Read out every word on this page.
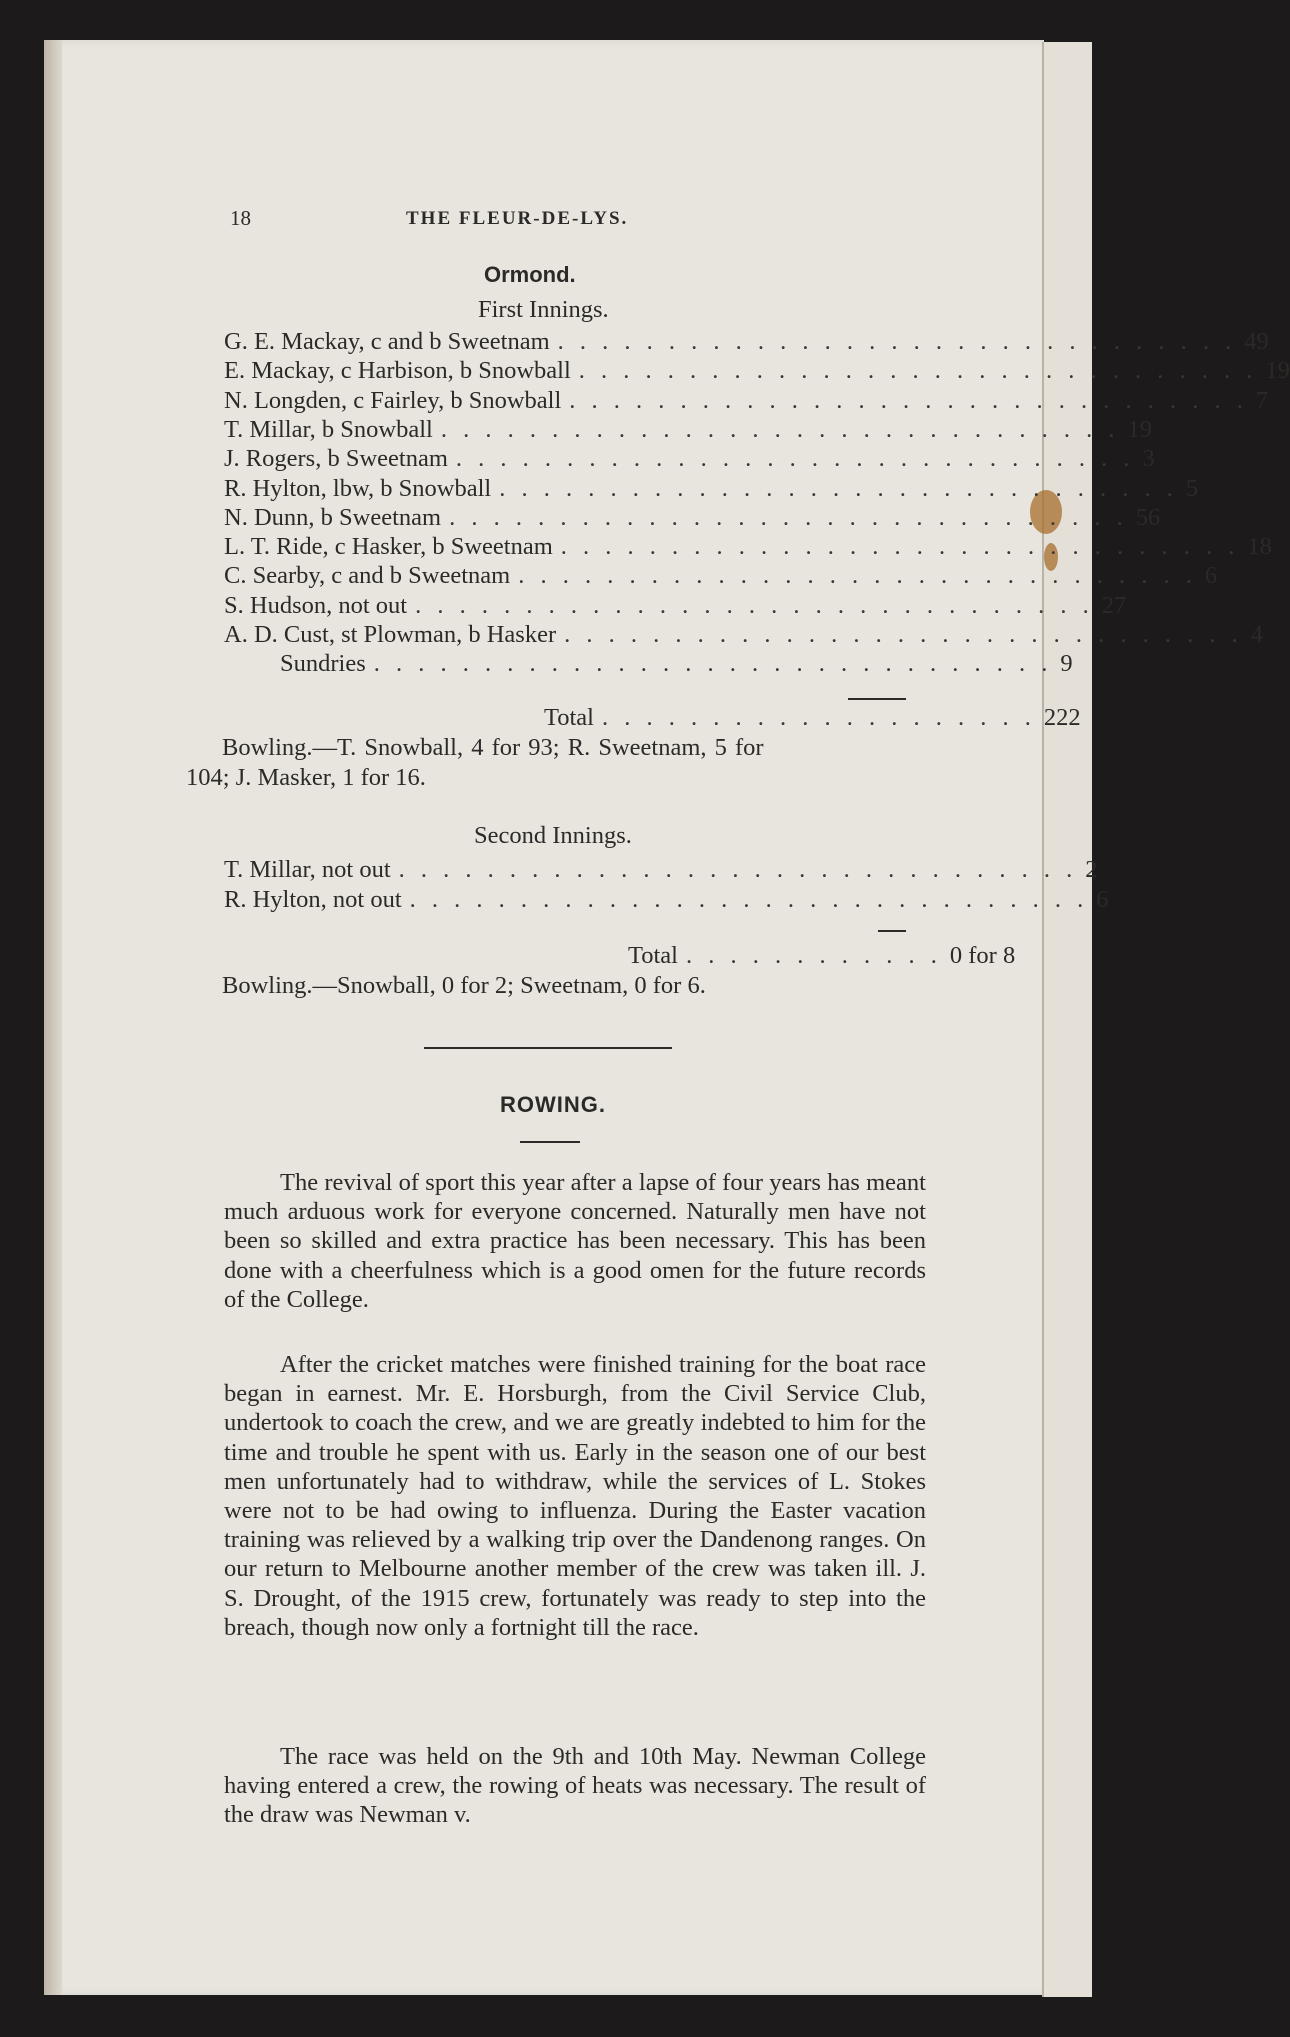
18	THE FLEUR-DE-LYS.
Ormond.
First Innings.
G. E. Mackay, c and b Sweetnam . . . . . . . . . . . . . . . . . . . . . . . . . . . . . . . 49
E. Mackay, c Harbison, b Snowball . . . . . . . . . . . . . . . . . . . . . . . . . . . . . . . 19
N. Longden, c Fairley, b Snowball . . . . . . . . . . . . . . . . . . . . . . . . . . . . . . . 7
T. Millar, b Snowball . . . . . . . . . . . . . . . . . . . . . . . . . . . . . . . 19
J. Rogers, b Sweetnam . . . . . . . . . . . . . . . . . . . . . . . . . . . . . . . 3
R. Hylton, lbw, b Snowball . . . . . . . . . . . . . . . . . . . . . . . . . . . . . . . 5
N. Dunn, b Sweetnam . . . . . . . . . . . . . . . . . . . . . . . . . . . . . . . 56
L. T. Ride, c Hasker, b Sweetnam . . . . . . . . . . . . . . . . . . . . . . . . . . . . . . . 18
C. Searby, c and b Sweetnam . . . . . . . . . . . . . . . . . . . . . . . . . . . . . . . 6
S. Hudson, not out . . . . . . . . . . . . . . . . . . . . . . . . . . . . . . . 27
A. D. Cust, st Plowman, b Hasker . . . . . . . . . . . . . . . . . . . . . . . . . . . . . . . 4
Sundries . . . . . . . . . . . . . . . . . . . . . . . . . . . . . . . 9
Total . . . . . . . . . . . . . . . . . . . . 222
Bowling.—T. Snowball, 4 for 93; R. Sweetnam, 5 for
104; J. Masker, 1 for 16.
Second Innings.
T. Millar, not out . . . . . . . . . . . . . . . . . . . . . . . . . . . . . . . 2
R. Hylton, not out . . . . . . . . . . . . . . . . . . . . . . . . . . . . . . . 6
Total . . . . . . . . . . . . 0 for 8
Bowling.—Snowball, 0 for 2; Sweetnam, 0 for 6.
ROWING.
The revival of sport this year after a lapse of four years has meant much arduous work for everyone concerned. Naturally men have not been so skilled and extra practice has been necessary. This has been done with a cheerfulness which is a good omen for the future records of the College.
After the cricket matches were finished training for the boat race began in earnest. Mr. E. Horsburgh, from the Civil Service Club, undertook to coach the crew, and we are greatly indebted to him for the time and trouble he spent with us. Early in the season one of our best men unfortunately had to withdraw, while the services of L. Stokes were not to be had owing to influenza. During the Easter vacation training was relieved by a walking trip over the Dandenong ranges. On our return to Melbourne another member of the crew was taken ill. J. S. Drought, of the 1915 crew, fortunately was ready to step into the breach, though now only a fortnight till the race.
The race was held on the 9th and 10th May. Newman College having entered a crew, the rowing of heats was necessary. The result of the draw was Newman v.
